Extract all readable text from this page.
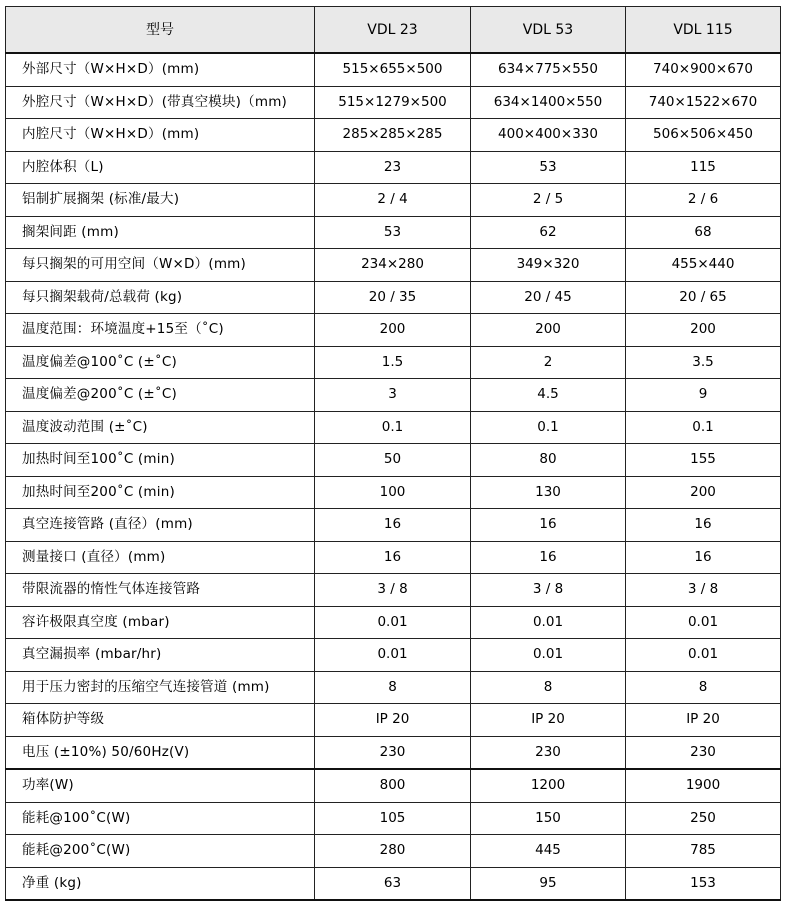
型号	VDL 23	VDL 53	VDL 115
外部尺寸（W×H×D）(mm)	515×655×500	634×775×550	740×900×670
外腔尺寸（W×H×D）(带真空模块)（mm)	515×1279×500	634×1400×550	740×1522×670
内腔尺寸（W×H×D）(mm)	285×285×285	400×400×330	506×506×450
内腔体积（L)	23	53	115
铝制扩展搁架 (标准/最大)	2 / 4	2 / 5	2 / 6
搁架间距 (mm)	53	62	68
每只搁架的可用空间（W×D）(mm)	234×280	349×320	455×440
每只搁架载荷/总载荷 (kg)	20 / 35	20 / 45	20 / 65
温度范围：环境温度+15至（˚C)	200	200	200
温度偏差@100˚C (±˚C)	1.5	2	3.5
温度偏差@200˚C (±˚C)	3	4.5	9
温度波动范围 (±˚C)	0.1	0.1	0.1
加热时间至100˚C (min)	50	80	155
加热时间至200˚C (min)	100	130	200
真空连接管路 (直径）(mm)	16	16	16
测量接口 (直径）(mm)	16	16	16
带限流器的惰性气体连接管路	3 / 8	3 / 8	3 / 8
容许极限真空度 (mbar)	0.01	0.01	0.01
真空漏损率 (mbar/hr)	0.01	0.01	0.01
用于压力密封的压缩空气连接管道 (mm)	8	8	8
箱体防护等级	IP 20	IP 20	IP 20
电压 (±10%) 50/60Hz(V)	230	230	230
功率(W)	800	1200	1900
能耗@100˚C(W)	105	150	250
能耗@200˚C(W)	280	445	785
净重 (kg)	63	95	153
